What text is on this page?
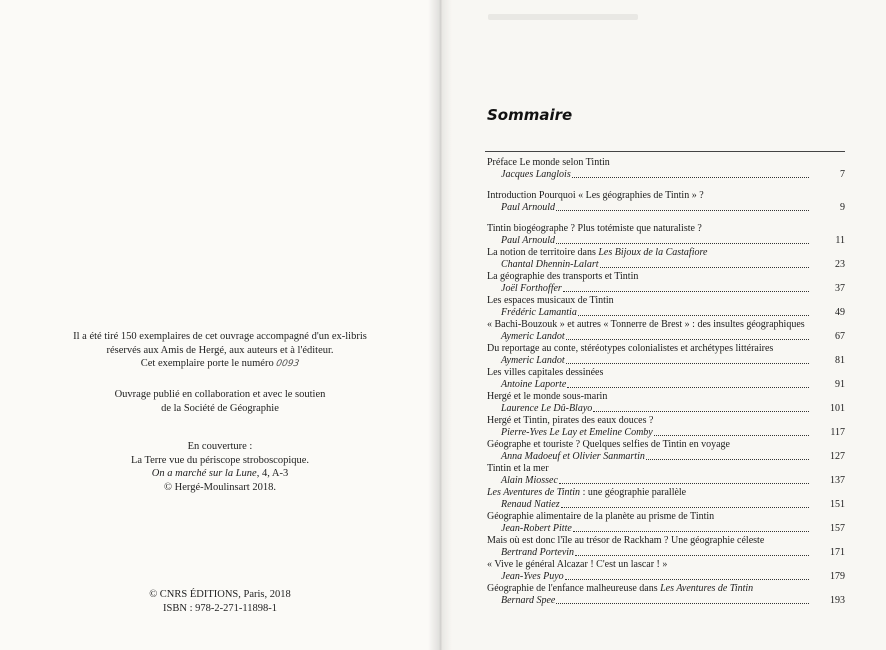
Il a été tiré 150 exemplaires de cet ouvrage accompagné d'un ex-libris

réservés aux Amis de Hergé, aux auteurs et à l'éditeur.

Cet exemplaire porte le numéro 0093

Ouvrage publié en collaboration et avec le soutien

de la Société de Géographie

En couverture :

La Terre vue du périscope stroboscopique.

On a marché sur la Lune, 4, A-3

© Hergé-Moulinsart 2018.

© CNRS ÉDITIONS, Paris, 2018

ISBN : 978-2-271-11898-1

Sommaire
Préface Le monde selon Tintin
Jacques Langlois	7
Introduction Pourquoi « Les géographies de Tintin » ?
Paul Arnould	9
Tintin biogéographe ? Plus totémiste que naturaliste ?
Paul Arnould	11
La notion de territoire dans Les Bijoux de la Castafiore
Chantal Dhennin-Lalart	23
La géographie des transports et Tintin
Joël Forthoffer	37
Les espaces musicaux de Tintin
Frédéric Lamantia	49
« Bachi-Bouzouk » et autres « Tonnerre de Brest » : des insultes géographiques
Aymeric Landot	67
Du reportage au conte, stéréotypes colonialistes et archétypes littéraires
Aymeric Landot	81
Les villes capitales dessinées
Antoine Laporte	91
Hergé et le monde sous-marin
Laurence Le Dû-Blayo	101
Hergé et Tintin, pirates des eaux douces ?
Pierre-Yves Le Lay et Emeline Comby	117
Géographe et touriste ? Quelques selfies de Tintin en voyage
Anna Madoeuf et Olivier Sanmartin	127
Tintin et la mer
Alain Miossec	137
Les Aventures de Tintin : une géographie parallèle
Renaud Natiez	151
Géographie alimentaire de la planète au prisme de Tintin
Jean-Robert Pitte	157
Mais où est donc l'île au trésor de Rackham ? Une géographie céleste
Bertrand Portevin	171
« Vive le général Alcazar ! C'est un lascar ! »
Jean-Yves Puyo	179
Géographie de l'enfance malheureuse dans Les Aventures de Tintin
Bernard Spee	193
